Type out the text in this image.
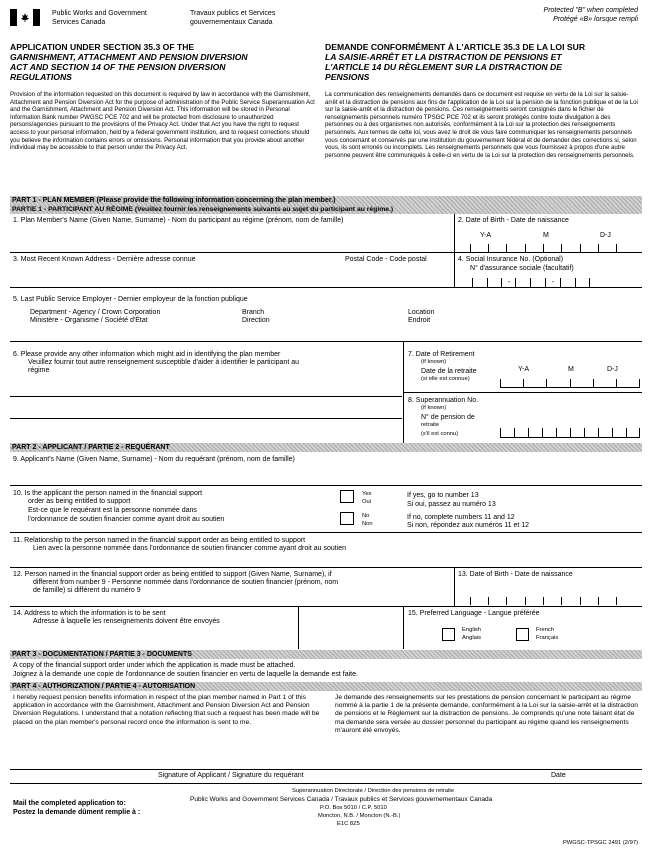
Public Works and Government
Services Canada
Travaux publics et Services
gouvernementaux Canada
Protected "B" when completed
Protégé «B» lorsque rempli
APPLICATION UNDER SECTION 35.3 OF THE
GARNISHMENT, ATTACHMENT AND PENSION DIVERSION
ACT AND SECTION 14 OF THE PENSION DIVERSION
REGULATIONS
DEMANDE CONFORMÉMENT À L'ARTICLE 35.3 DE LA LOI SUR
LA SAISIE-ARRÊT ET LA DISTRACTION DE PENSIONS ET
L'ARTICLE 14 DU RÈGLEMENT SUR LA DISTRACTION DE
PENSIONS
Provision of the information requested on this document is required by law in accordance with the Garnishment, Attachment and Pension Diversion Act for the purpose of administration of the Public Service Superannuation Act and the Garnishment, Attachment and Pension Diversion Act. This information will be stored in Personal Information Bank number PWGSC PCE 702 and will be protected from disclosure to unauthorized persons/agencies pursuant to the provisions of the Privacy Act. Under that Act you have the right to request access to your personal information, held by a federal government institution, and to request corrections should you believe the information contains errors or omissions. Personal information that you provide about another individual may be accessible to that person under the Privacy Act.
La communication des renseignements demandés dans ce document est requise en vertu de la Loi sur la saisie-arrêt et la distraction de pensions aux fins de l'application de la Loi sur la pension de la fonction publique et de la Loi sur la saisie-arrêt et la distraction de pensions. Ces renseignements seront consignés dans le fichier de renseignements personnels numéro TPSGC PCE 702 et ils seront protégés contre toute divulgation à des personnes ou à des organismes non autorisés, conformément à la Loi sur la protection des renseignements personnels. Aux termes de cette loi, vous avez le droit de vous faire communiquer les renseignements personnels vous concernant et conservés par une institution du gouvernement fédéral et de demander des corrections si, selon vous, ils sont erronés ou incomplets. Les renseignements personnels que vous fournissez à propos d'une autre personne peuvent être communiqués à celle-ci en vertu de la Loi sur la protection des renseignements personnels.
PART 1 - PLAN MEMBER (Please provide the following information concerning the plan member.)
PARTIE 1 - PARTICIPANT AU RÉGIME (Veuillez fournir les renseignements suivants au sujet du participant au régime.)
1. Plan Member's Name (Given Name, Surname) - Nom du participant au régime (prénom, nom de famille)	2. Date of Birth - Date de naissance
Y-A	M	D-J
3. Most Recent Known Address - Dernière adresse connue	Postal Code - Code postal	4. Social Insurance No. (Optional)
N° d'assurance sociale (facultatif)
-	-
5. Last Public Service Employer - Dernier employeur de la fonction publique
Department - Agency / Crown Corporation
Ministère - Organisme / Société d'État
Branch
Direction
Location
Endroit
6. Please provide any other information which might aid in identifying the plan member
Veuillez fournir tout autre renseignement susceptible d'aider à identifier le participant au
régime
7. Date of Retirement
(if known)
Date de la retraite
(si elle est connue)
Y-A	M	D-J
8. Superannuation No.
(if known)
N° de pension de
retraite
(s'il est connu)
PART 2 - APPLICANT / PARTIE 2 - REQUÉRANT
9. Applicant's Name (Given Name, Surname) - Nom du requérant (prénom, nom de famille)
10. Is the applicant the person named in the financial support
order as being entitled to support
Est-ce que le requérant est la personne nommée dans
l'ordonnance de soutien financier comme ayant droit au soutien
Yes
Oui
No
Non
If yes, go to number 13
Si oui, passez au numéro 13
If no, complete numbers 11 and 12
Si non, répondez aux numéros 11 et 12
11. Relationship to the person named in the financial support order as being entitled to support
Lien avec la personne nommée dans l'ordonnance de soutien financier comme ayant droit au soutien
12. Person named in the financial support order as being entitled to support (Given Name, Surname), if
different from number 9 - Personne nommée dans l'ordonnance de soutien financier (prénom, nom
de famille) si différent du numéro 9
13. Date of Birth - Date de naissance
14. Address to which the information is to be sent
Adresse à laquelle les renseignements doivent être envoyés
15. Preferred Language - Langue préférée
English
Anglais
French
Français
PART 3 - DOCUMENTATION / PARTIE 3 - DOCUMENTS
A copy of the financial support order under which the application is made must be attached.
Joignez à la demande une copie de l'ordonnance de soutien financier en vertu de laquelle la demande est faite.
PART 4 - AUTHORIZATION / PARTIE 4 - AUTORISATION
I hereby request pension benefits information in respect of the plan member named in Part 1 of this application in accordance with the Garnishment, Attachment and Pension Diversion Act and Pension Diversion Regulations. I understand that a notation reflecting that such a request has been made will be placed on the plan member's personal record once the information is sent to me.
Je demande des renseignements sur les prestations de pension concernant le participant au régime nommé à la partie 1 de la présente demande, conformément à la Loi sur la saisie-arrêt et la distraction de pensions et le Règlement sur la distraction de pensions. Je comprends qu'une note faisant état de ma demande sera versée au dossier personnel du participant au régime quand les renseignements m'auront été envoyés.
Signature of Applicant / Signature du requérant	Date
Mail the completed application to:
Postez la demande dûment remplie à :
Superannuation Directorate / Direction des pensions de retraite
Public Works and Government Services Canada / Travaux publics et Services gouvernementaux Canada
P.O. Box 5010 / C.P. 5010
Moncton, N.B. / Moncton (N.-B.)
E1C 8Z5
PWGSC-TPSGC 2491 (2/97)
